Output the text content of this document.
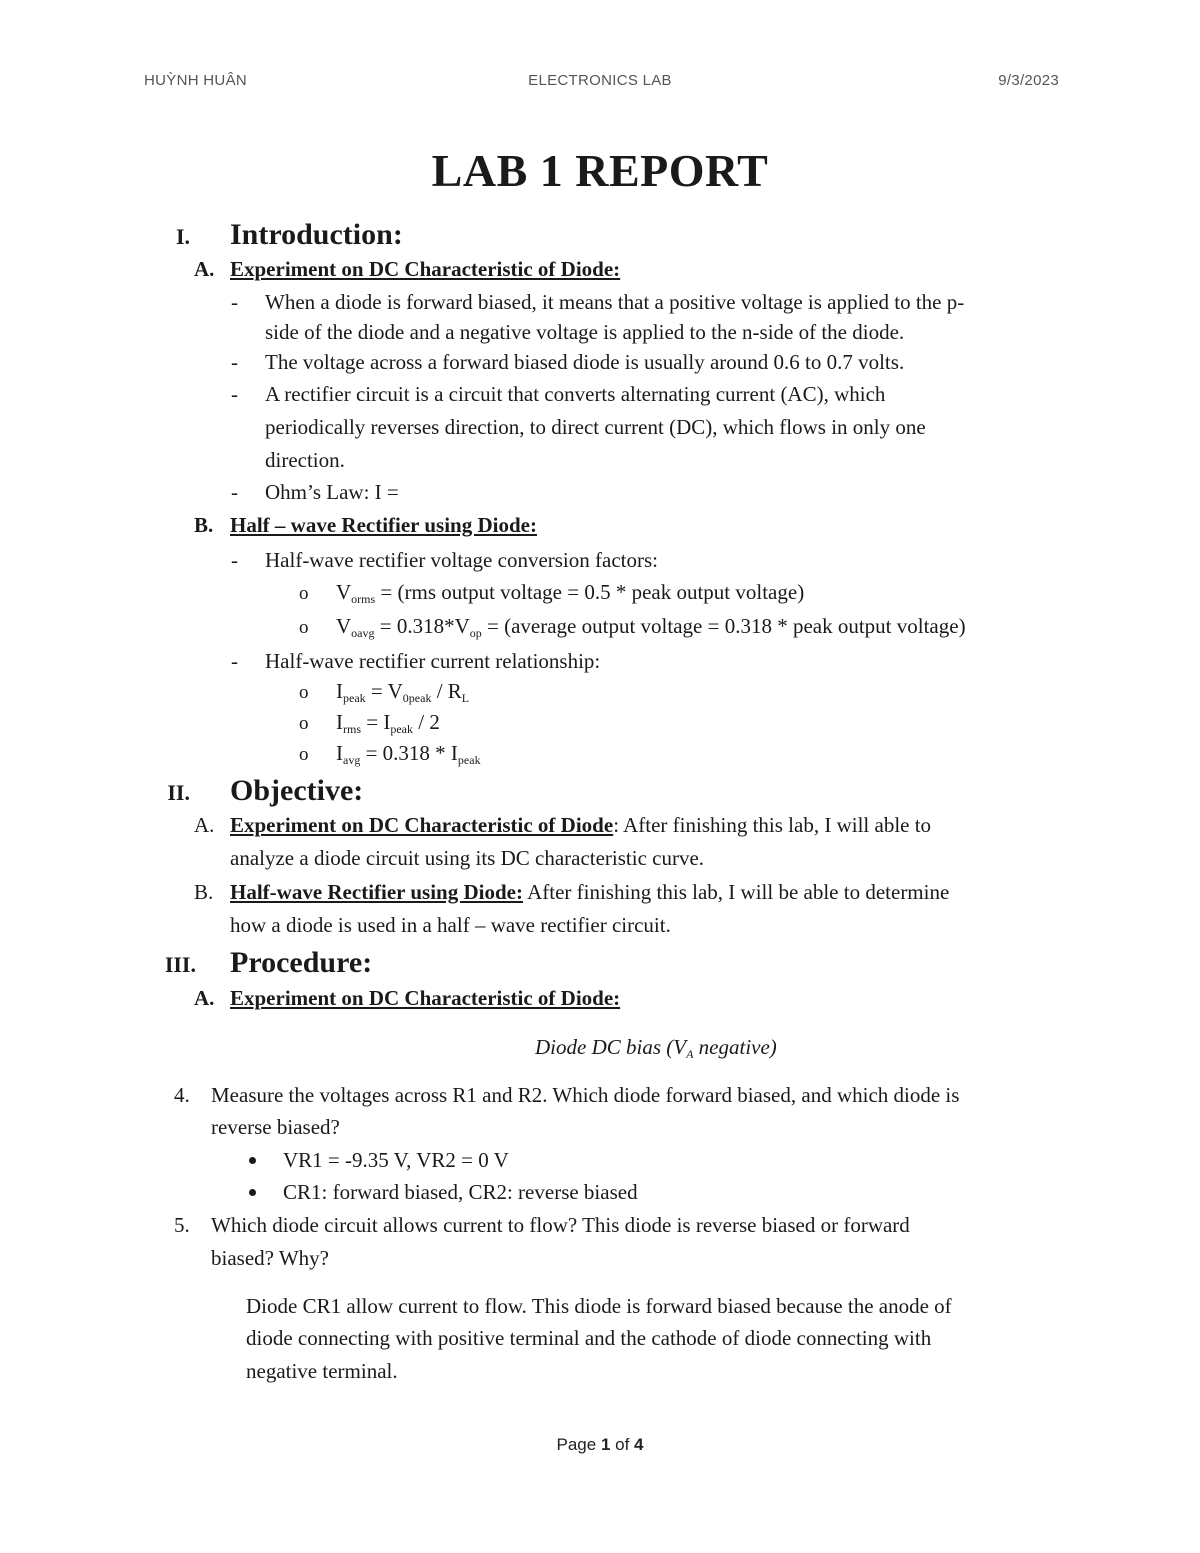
ELECTRONICS LAB
HUỲNH HUÂN	9/3/2023
LAB 1 REPORT
I. Introduction:
A. Experiment on DC Characteristic of Diode:
- When a diode is forward biased, it means that a positive voltage is applied to the p-
side of the diode and a negative voltage is applied to the n-side of the diode.
- The voltage across a forward biased diode is usually around 0.6 to 0.7 volts.
- A rectifier circuit is a circuit that converts alternating current (AC), which
periodically reverses direction, to direct current (DC), which flows in only one
direction.
- Ohm’s Law: I =
B. Half – wave Rectifier using Diode:
- Half-wave rectifier voltage conversion factors:
o $V_{orms} = (rms$ output voltage = 0.5 * peak output voltage)
o $V_{oavg} = 0.318*V_{op}$ = (average output voltage = 0.318 * peak output voltage)
- Half-wave rectifier current relationship:
o $I_{peak} = V_{0peak} / R_L$
o $I_{rms} = I_{peak} / 2$
o $I_{avg} = 0.318 * I_{peak}$
II. Objective:
A. Experiment on DC Characteristic of Diode: After finishing this lab, I will able to
analyze a diode circuit using its DC characteristic curve.
B. Half-wave Rectifier using Diode: After finishing this lab, I will be able to determine
how a diode is used in a half – wave rectifier circuit.
III. Procedure:
A. Experiment on DC Characteristic of Diode:
Diode DC bias ($V_A$ negative)
4. Measure the voltages across R1 and R2. Which diode forward biased, and which diode is
reverse biased?
VR1 = -9.35 V, VR2 = 0 V
CR1: forward biased, CR2: reverse biased
5. Which diode circuit allows current to flow? This diode is reverse biased or forward
biased? Why?
Diode CR1 allow current to flow. This diode is forward biased because the anode of
diode connecting with positive terminal and the cathode of diode connecting with
negative terminal.
Page 1 of 4
